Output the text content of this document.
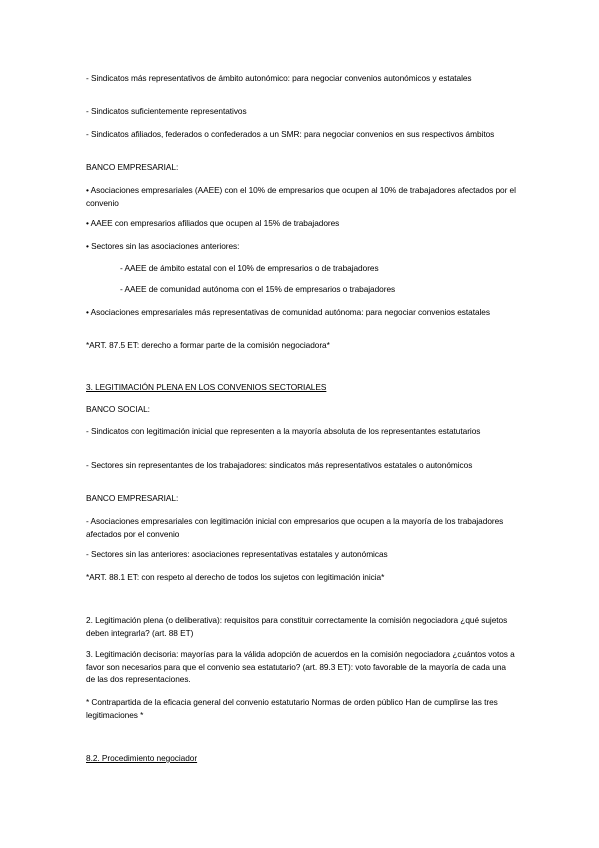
- Sindicatos más representativos de ámbito autonómico: para negociar convenios autonómicos y estatales
- Sindicatos suficientemente representativos
- Sindicatos afiliados, federados o confederados a un SMR: para negociar convenios en sus respectivos ámbitos
BANCO EMPRESARIAL:
• Asociaciones empresariales (AAEE) con el 10% de empresarios que ocupen al 10% de trabajadores afectados por el convenio
• AAEE con empresarios afiliados que ocupen al 15% de trabajadores
• Sectores sin las asociaciones anteriores:
- AAEE de ámbito estatal con el 10% de empresarios o de trabajadores
- AAEE de comunidad autónoma con el 15% de empresarios o trabajadores
• Asociaciones empresariales más representativas de comunidad autónoma: para negociar convenios estatales
*ART. 87.5 ET: derecho a formar parte de la comisión negociadora*
3. LEGITIMACIÓN PLENA EN LOS CONVENIOS SECTORIALES
BANCO SOCIAL:
- Sindicatos con legitimación inicial que representen a la mayoría absoluta de los representantes estatutarios
- Sectores sin representantes de los trabajadores: sindicatos más representativos estatales o autonómicos
BANCO EMPRESARIAL:
- Asociaciones empresariales con legitimación inicial con empresarios que ocupen a la mayoría de los trabajadores afectados por el convenio
- Sectores sin las anteriores: asociaciones representativas estatales y autonómicas
*ART. 88.1 ET: con respeto al derecho de todos los sujetos con legitimación inicia*
2. Legitimación plena (o deliberativa): requisitos para constituir correctamente la comisión negociadora ¿qué sujetos deben integrarla? (art. 88 ET)
3. Legitimación decisoria: mayorías para la válida adopción de acuerdos en la comisión negociadora ¿cuántos votos a favor son necesarios para que el convenio sea estatutario? (art. 89.3 ET): voto favorable de la mayoría de cada una de las dos representaciones.
* Contrapartida de la eficacia general del convenio estatutario Normas de orden público Han de cumplirse las tres legitimaciones *
8.2. Procedimiento negociador
